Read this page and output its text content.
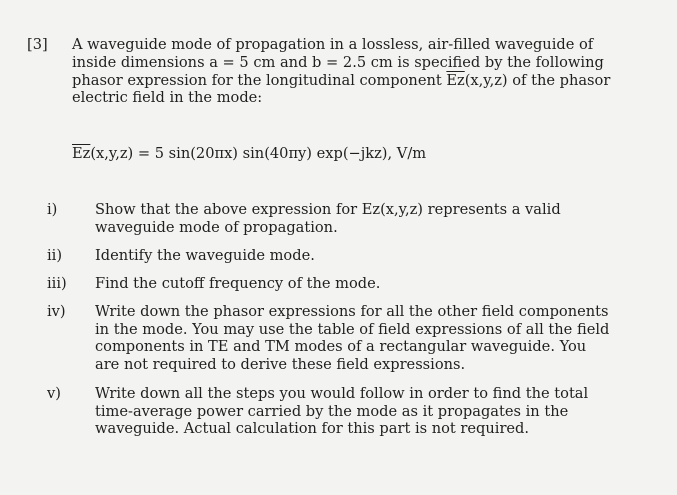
[3] A waveguide mode of propagation in a lossless, air-filled waveguide of inside dimensions a = 5 cm and b = 2.5 cm is specified by the following phasor expression for the longitudinal component $\overline{Ez}(x,y,z)$ of the phasor electric field in the mode:
$\overline{Ez}(x,y,z) = 5$ sin(20πx) sin(40πy) exp(−jkz), V/m
i)	Show that the above expression for Ez(x,y,z) represents a valid waveguide mode of propagation.
ii)	Identify the waveguide mode.
iii)	Find the cutoff frequency of the mode.
iv)	Write down the phasor expressions for all the other field components in the mode. You may use the table of field expressions of all the field components in TE and TM modes of a rectangular waveguide. You are not required to derive these field expressions.
v)	Write down all the steps you would follow in order to find the total time-average power carried by the mode as it propagates in the waveguide. Actual calculation for this part is not required.
